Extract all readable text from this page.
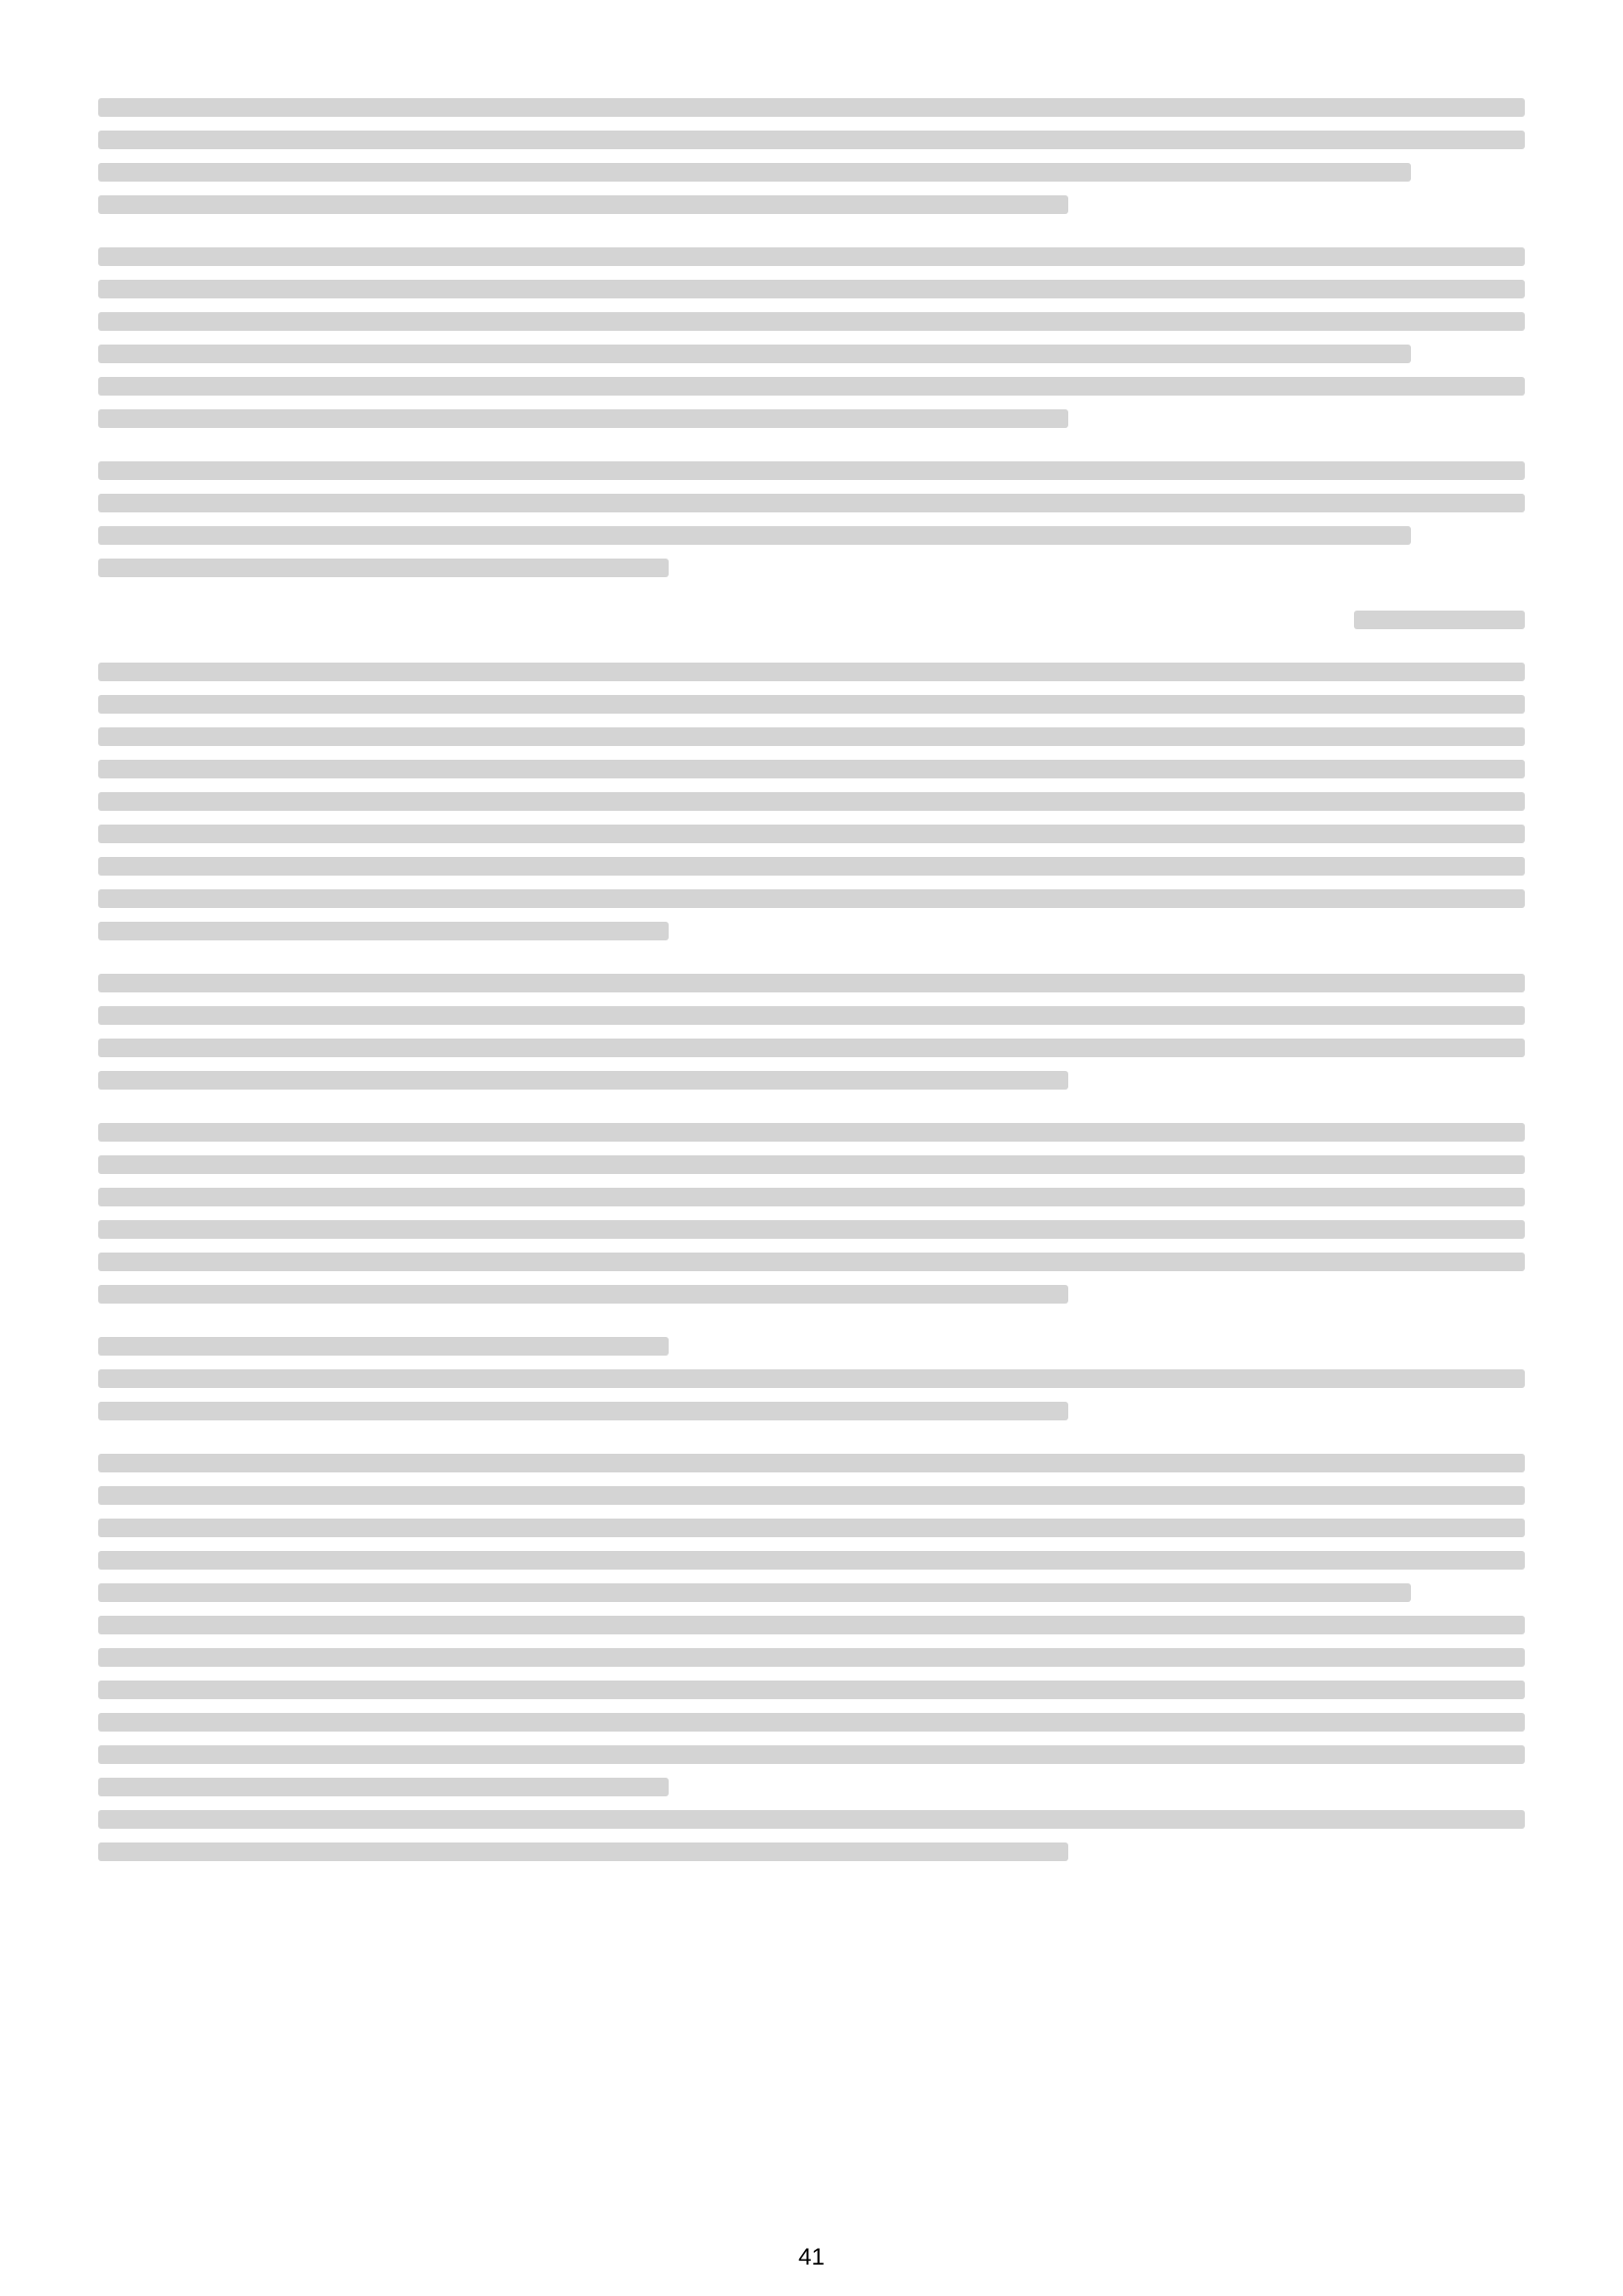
41
